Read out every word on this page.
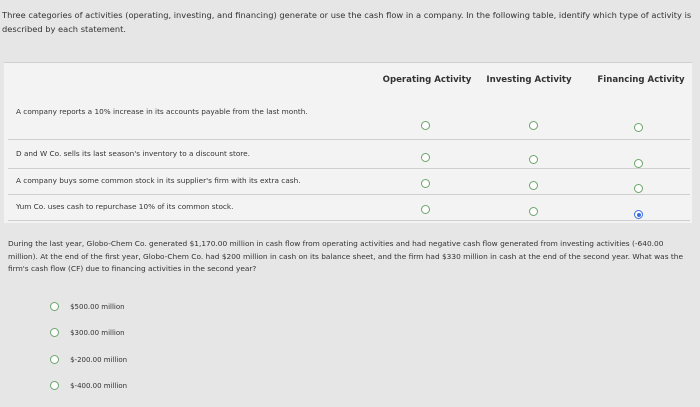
Three categories of activities (operating, investing, and financing) generate or use the cash flow in a company. In the following table, identify which type of activity is described by each statement.
Operating Activity Investing Activity	Financing Activity
A company reports a 10% increase in its accounts payable from the last month.
D and W Co. sells its last season's inventory to a discount store.
A company buys some common stock in its supplier's firm with its extra cash.
Yum Co. uses cash to repurchase 10% of its common stock.
During the last year, Globo-Chem Co. generated $1,170.00 million in cash flow from operating activities and had negative cash flow generated from investing activities (-640.00 million). At the end of the first year, Globo-Chem Co. had $200 million in cash on its balance sheet, and the firm had $330 million in cash at the end of the second year. What was the firm's cash flow (CF) due to financing activities in the second year?
$500.00 million
$300.00 million
$-200.00 million
$-400.00 million
